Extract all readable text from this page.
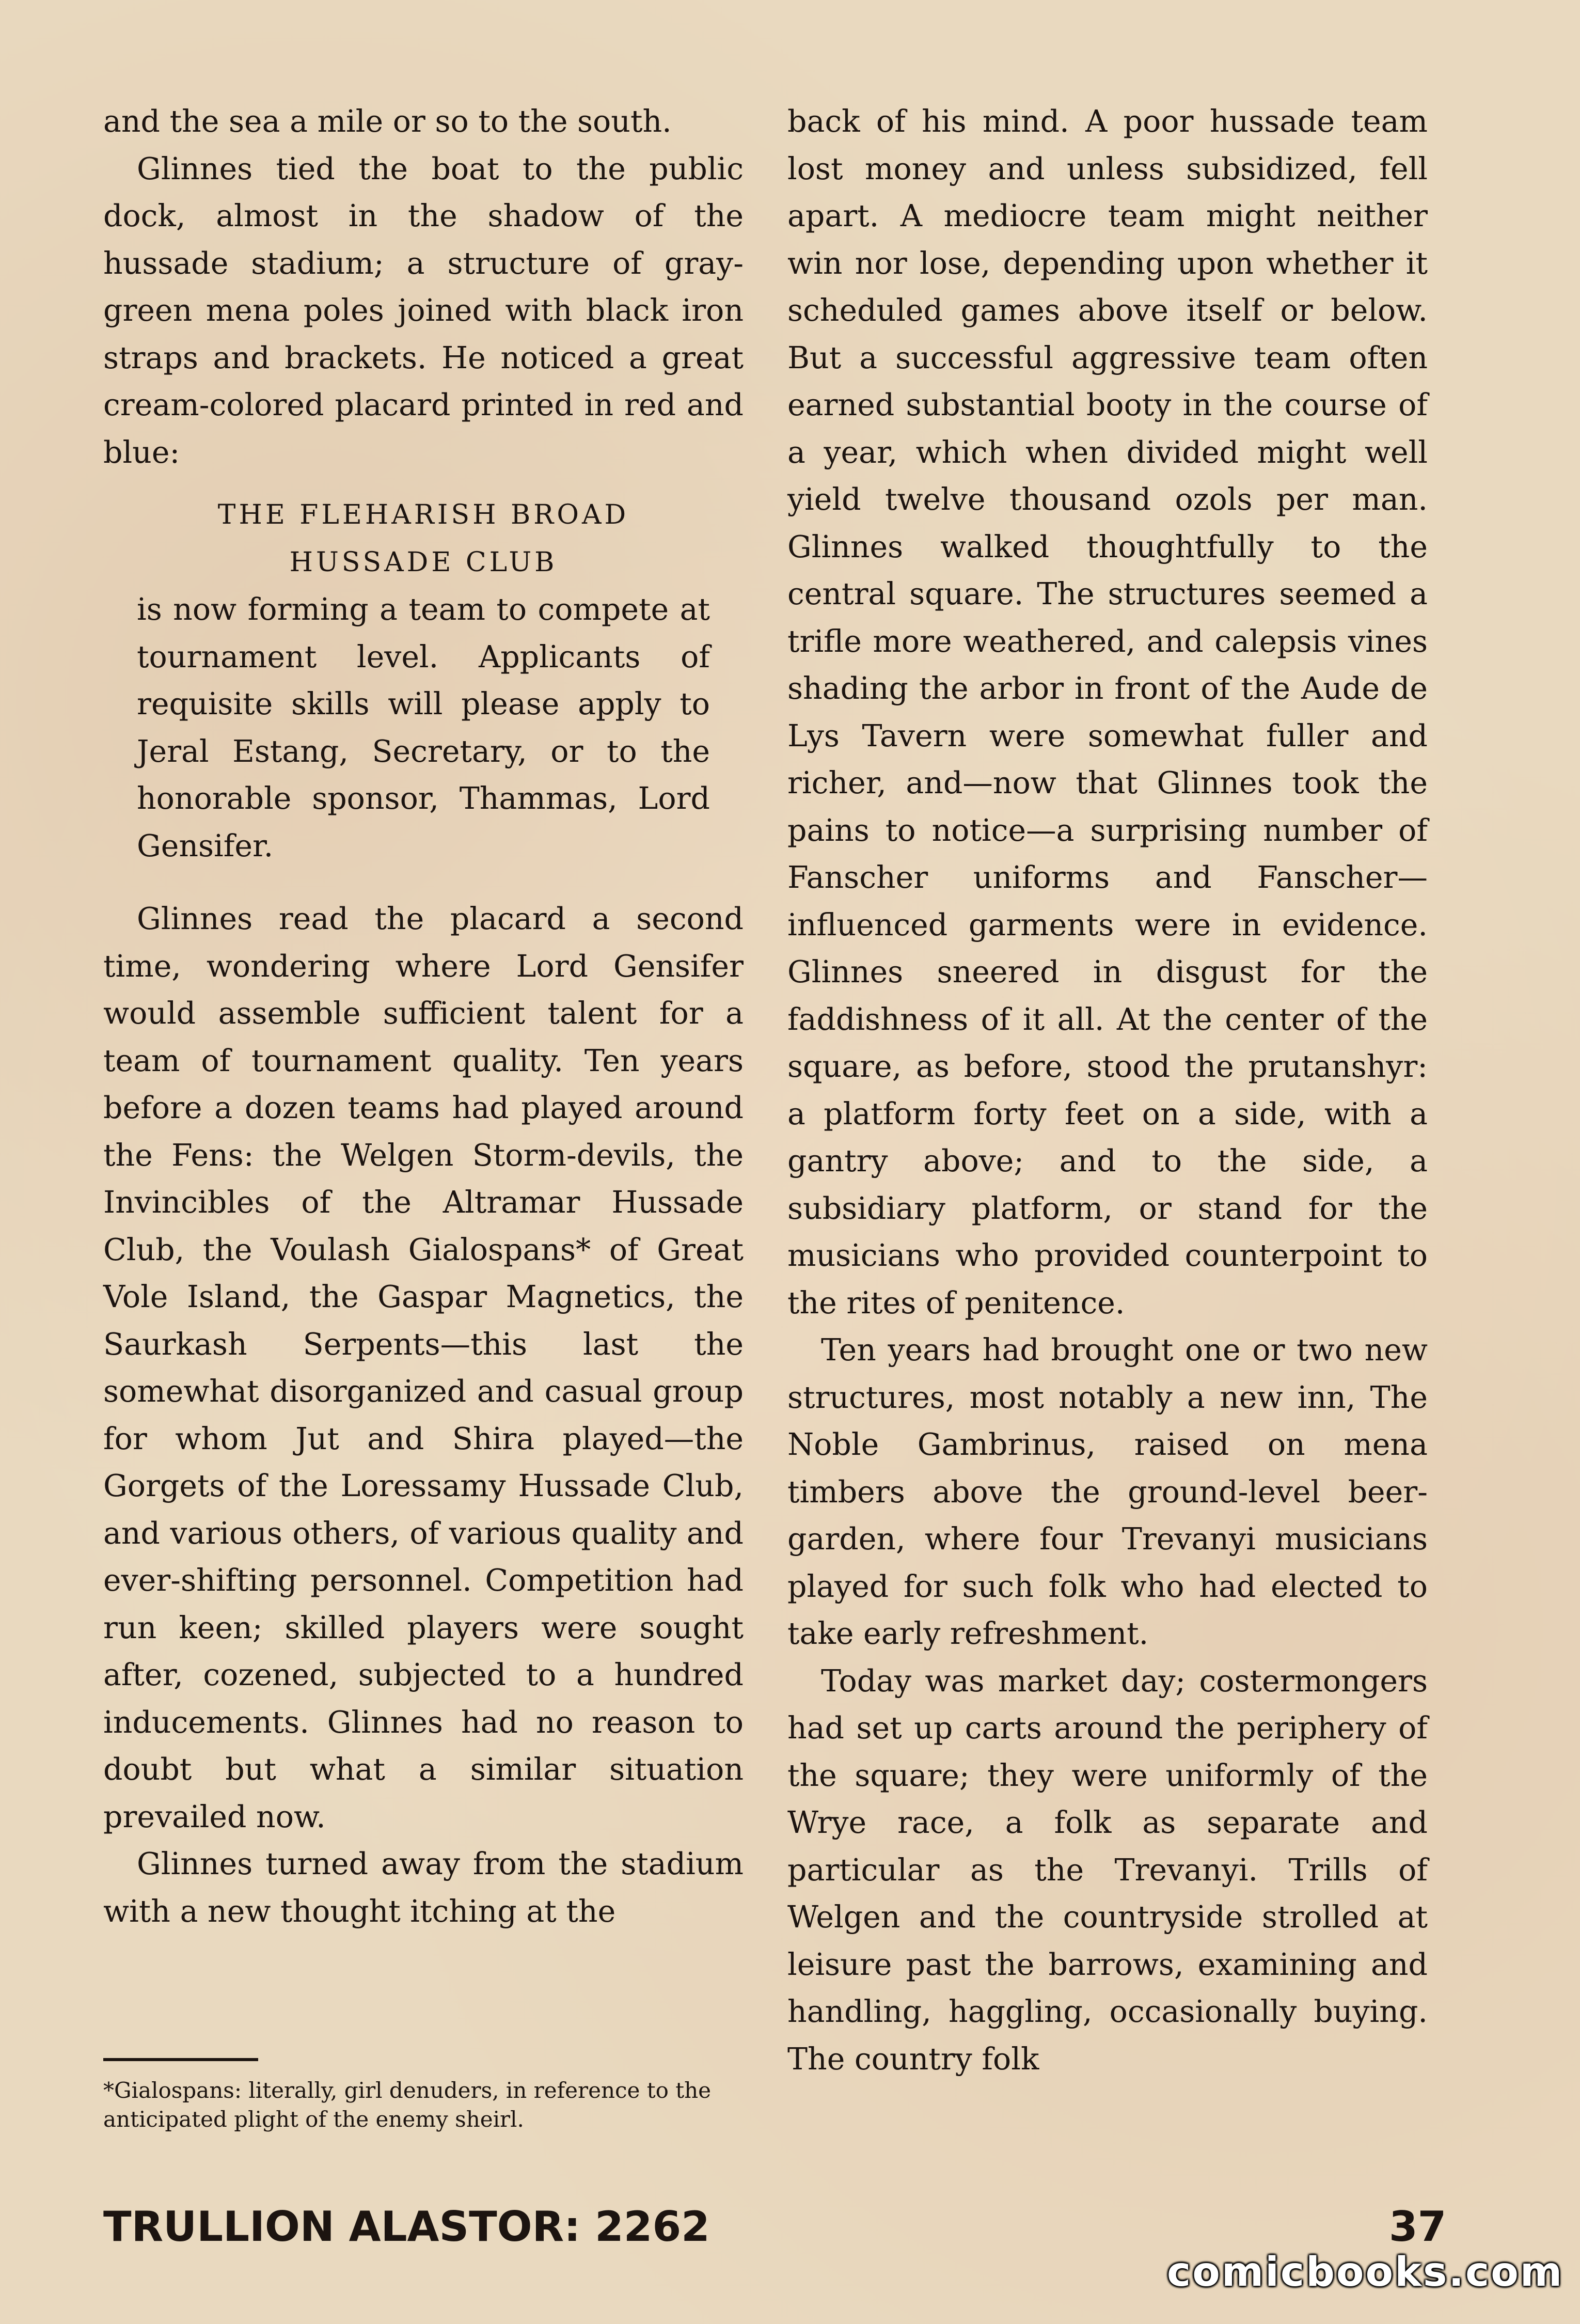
and the sea a mile or so to the south.

Glinnes tied the boat to the public dock, almost in the shadow of the hussade stadium; a structure of gray-green mena poles joined with black iron straps and brackets. He noticed a great cream-colored placard printed in red and blue:

THE FLEHARISH BROAD HUSSADE CLUB
is now forming a team to compete at tournament level. Applicants of requisite skills will please apply to Jeral Estang, Secretary, or to the honorable sponsor, Thammas, Lord Gensifer.

Glinnes read the placard a second time, wondering where Lord Gensifer would assemble sufficient talent for a team of tournament quality. Ten years before a dozen teams had played around the Fens: the Welgen Storm-devils, the Invincibles of the Altramar Hussade Club, the Voulash Gialospans* of Great Vole Island, the Gaspar Magnetics, the Saurkash Serpents—this last the somewhat disorganized and casual group for whom Jut and Shira played—the Gorgets of the Loressamy Hussade Club, and various others, of various quality and ever-shifting personnel. Competition had run keen; skilled players were sought after, cozened, subjected to a hundred inducements. Glinnes had no reason to doubt but what a similar situation prevailed now.

Glinnes turned away from the stadium with a new thought itching at the

back of his mind. A poor hussade team lost money and unless subsidized, fell apart. A mediocre team might neither win nor lose, depending upon whether it scheduled games above itself or below. But a successful aggressive team often earned substantial booty in the course of a year, which when divided might well yield twelve thousand ozols per man. Glinnes walked thoughtfully to the central square. The structures seemed a trifle more weathered, and calepsis vines shading the arbor in front of the Aude de Lys Tavern were somewhat fuller and richer, and—now that Glinnes took the pains to notice—a surprising number of Fanscher uniforms and Fanscher—influenced garments were in evidence. Glinnes sneered in disgust for the faddishness of it all. At the center of the square, as before, stood the prutanshyr: a platform forty feet on a side, with a gantry above; and to the side, a subsidiary platform, or stand for the musicians who provided counterpoint to the rites of penitence.

Ten years had brought one or two new structures, most notably a new inn, The Noble Gambrinus, raised on mena timbers above the ground-level beer-garden, where four Trevanyi musicians played for such folk who had elected to take early refreshment.

Today was market day; costermongers had set up carts around the periphery of the square; they were uniformly of the Wrye race, a folk as separate and particular as the Trevanyi. Trills of Welgen and the countryside strolled at leisure past the barrows, examining and handling, haggling, occasionally buying. The country folk

*Gialospans: literally, girl denuders, in reference to the anticipated plight of the enemy sheirl.
TRULLION ALASTOR: 2262	37
comicbooks.com
